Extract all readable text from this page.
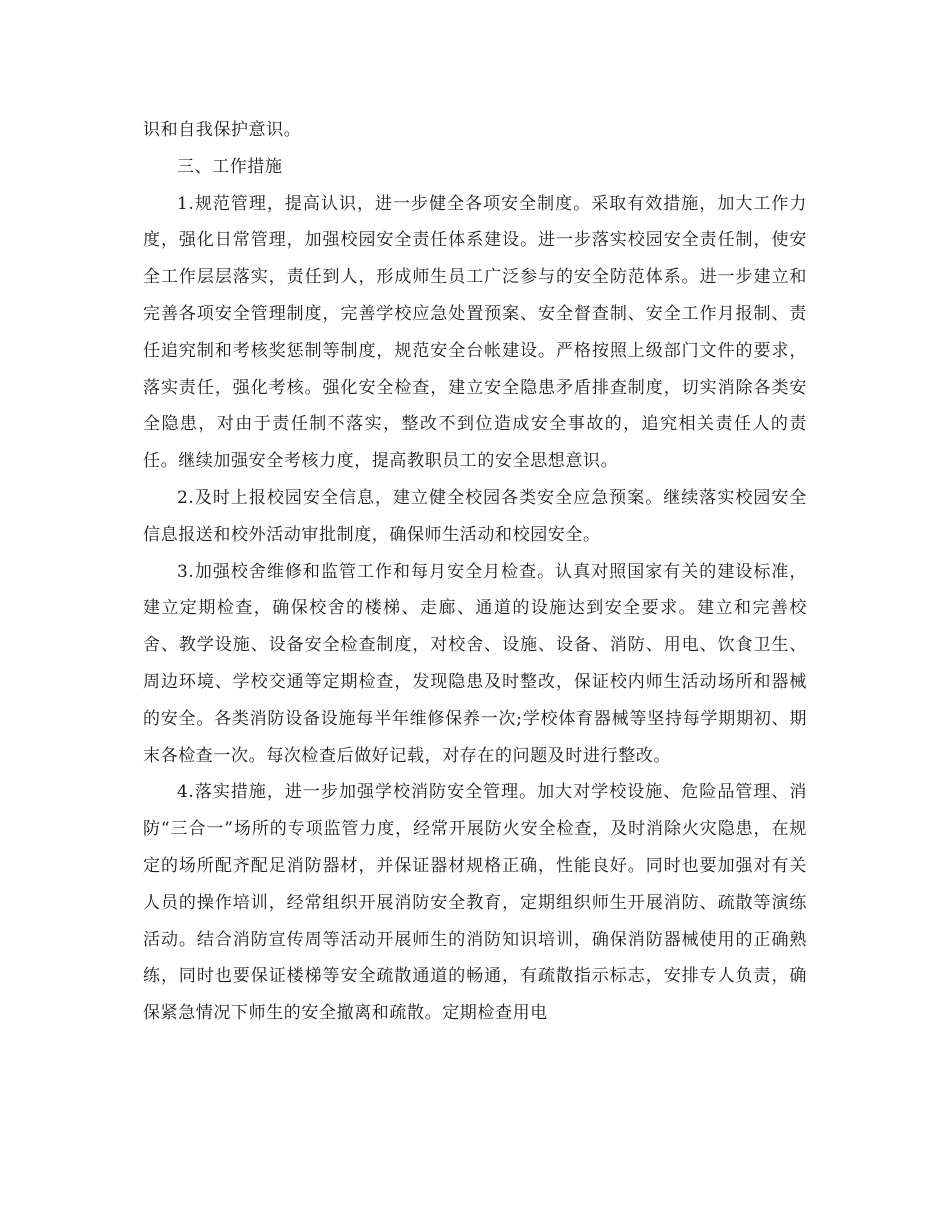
识和自我保护意识。

三、工作措施

1.规范管理，提高认识，进一步健全各项安全制度。采取有效措施，加大工作力度，强化日常管理，加强校园安全责任体系建设。进一步落实校园安全责任制，使安全工作层层落实，责任到人，形成师生员工广泛参与的安全防范体系。进一步建立和完善各项安全管理制度，完善学校应急处置预案、安全督查制、安全工作月报制、责任追究制和考核奖惩制等制度，规范安全台帐建设。严格按照上级部门文件的要求，落实责任，强化考核。强化安全检查，建立安全隐患矛盾排查制度，切实消除各类安全隐患，对由于责任制不落实，整改不到位造成安全事故的，追究相关责任人的责任。继续加强安全考核力度，提高教职员工的安全思想意识。

2.及时上报校园安全信息，建立健全校园各类安全应急预案。继续落实校园安全信息报送和校外活动审批制度，确保师生活动和校园安全。

3.加强校舍维修和监管工作和每月安全月检查。认真对照国家有关的建设标准，建立定期检查，确保校舍的楼梯、走廊、通道的设施达到安全要求。建立和完善校舍、教学设施、设备安全检查制度，对校舍、设施、设备、消防、用电、饮食卫生、周边环境、学校交通等定期检查，发现隐患及时整改，保证校内师生活动场所和器械的安全。各类消防设备设施每半年维修保养一次;学校体育器械等坚持每学期期初、期末各检查一次。每次检查后做好记载，对存在的问题及时进行整改。

4.落实措施，进一步加强学校消防安全管理。加大对学校设施、危险品管理、消防“三合一”场所的专项监管力度，经常开展防火安全检查，及时消除火灾隐患，在规定的场所配齐配足消防器材，并保证器材规格正确，性能良好。同时也要加强对有关人员的操作培训，经常组织开展消防安全教育，定期组织师生开展消防、疏散等演练活动。结合消防宣传周等活动开展师生的消防知识培训，确保消防器械使用的正确熟练，同时也要保证楼梯等安全疏散通道的畅通，有疏散指示标志，安排专人负责，确保紧急情况下师生的安全撤离和疏散。定期检查用电
